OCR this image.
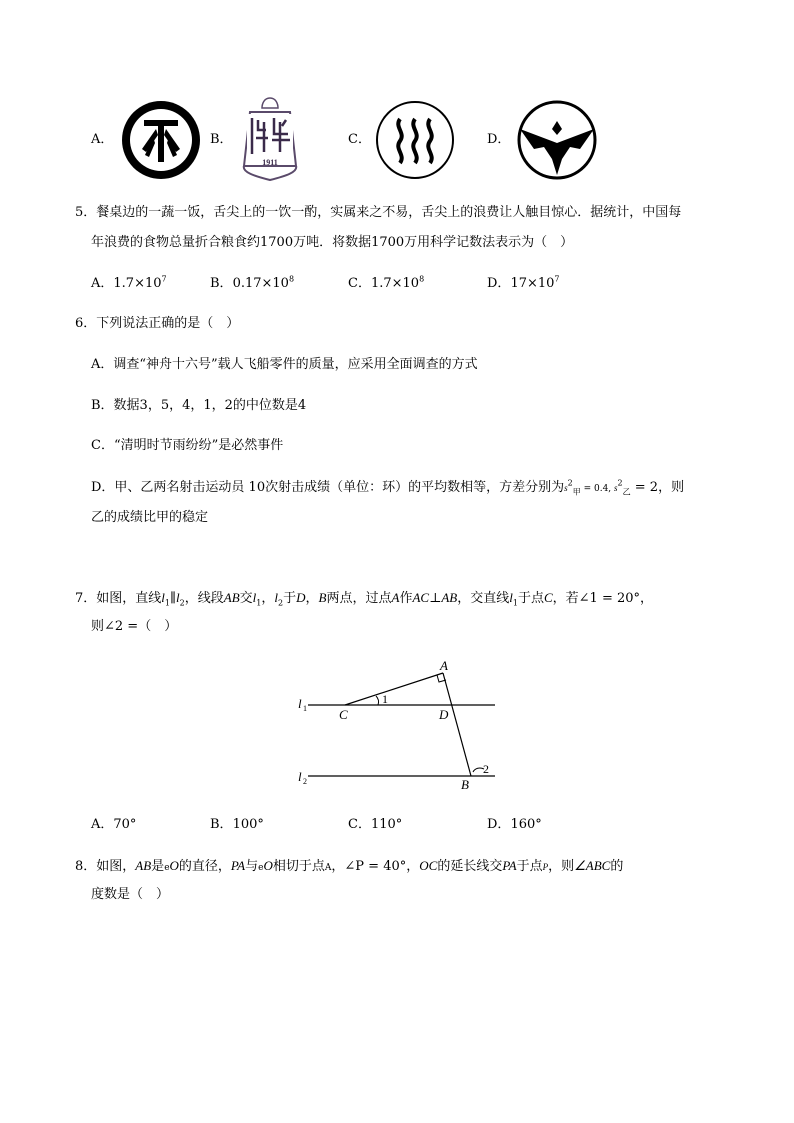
A．	B．
1911
C．	D．
5．餐桌边的一蔬一饭，舌尖上的一饮一酌，实属来之不易，舌尖上的浪费让人触目惊心．据统计，中国每
年浪费的食物总量折合粮食约1700万吨．将数据1700万用科学记数法表示为（　）
A．$1.7\times 10^7$	B．$0.17\times 10^8$	C．$1.7\times 10^8$	D．$17\times 10^7$
6．下列说法正确的是（　）
A．调查“神舟十六号”载人飞船零件的质量，应采用全面调查的方式
B．数据3，5，4，1，2的中位数是4
C．“清明时节雨纷纷”是必然事件
D．甲、乙两名射击运动员 10次射击成绩（单位：环）的平均数相等，方差分别为$s^2_甲 = 0.4$, $s^2_乙 = 2$，则
乙的成绩比甲的稳定
7．如图，直线$l_1\parallel l_2$，线段AB交$l_1$，$l_2$于D，B两点，过点A作AC⊥AB，交直线$l_1$于点C，若∠1 = 20°，
则∠2 =（　）
A
C	D
B
l 1
l 2
1
2
A．70°	B．100°	C．110°	D．160°
8．如图，AB是eO的直径，PA与eO相切于点A，∠P = 40°，OC的延长线交PA于点P，则∠ABC的
度数是（　）
